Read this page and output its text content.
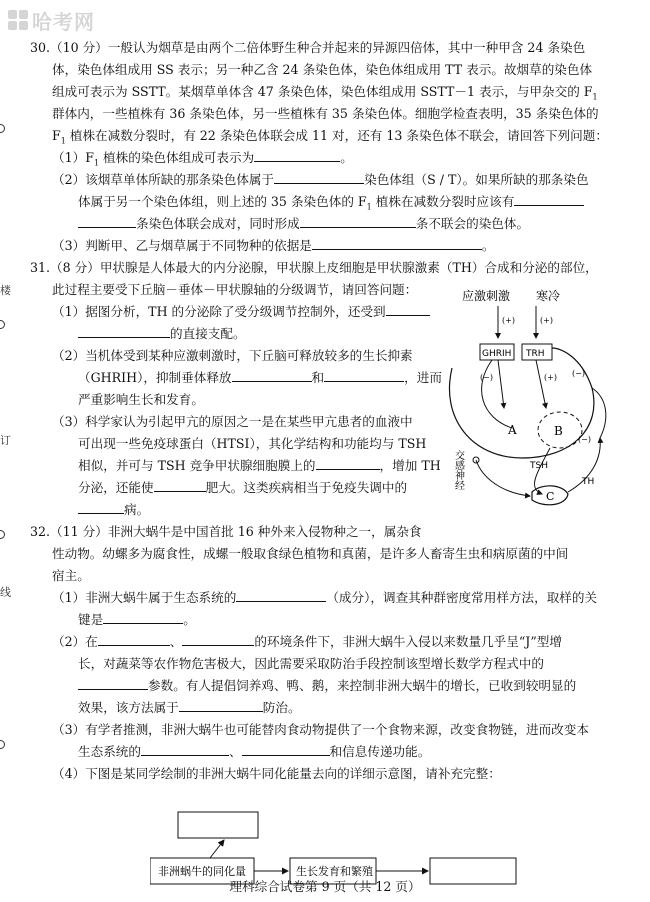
哈考网
楼
订
线
30.（10 分）一般认为烟草是由两个二倍体野生种合并起来的异源四倍体，其中一种甲含 24 条染色
体，染色体组成用 SS 表示；另一种乙含 24 条染色体，染色体组成用 TT 表示。故烟草的染色体
组成可表示为 SSTT。某烟草单体含 47 条染色体，染色体组成用 SSTT－1 表示，与甲杂交的 $F_1$
群体内，一些植株有 36 条染色体，另一些植株有 35 条染色体。细胞学检查表明，35 条染色体的
$F_1$ 植株在减数分裂时，有 22 条染色体联会成 11 对，还有 13 条染色体不联会，请回答下列问题：
$(1)F_1$ 植株的染色体组成可表示为	。
（2）该烟草单体所缺的那条染色体属于	染色体组（S / T）。如果所缺的那条染色
体属于另一个染色体组，则上述的 35 条染色体的 $F_1$ 植株在减数分裂时应该有
条染色体联会成对，同时形成	条不联会的染色体。
（3）判断甲、乙与烟草属于不同物种的依据是	。
31.（8 分）甲状腺是人体最大的内分泌腺，甲状腺上皮细胞是甲状腺激素（TH）合成和分泌的部位，
此过程主要受下丘脑－垂体－甲状腺轴的分级调节，请回答问题：
（1）据图分析，TH 的分泌除了受分级调节控制外，还受到
的直接支配。
（2）当机体受到某种应激刺激时，下丘脑可释放较多的生长抑素
（GHRIH），抑制垂体释放	和	，进而
严重影响生长和发育。
（3）科学家认为引起甲亢的原因之一是在某些甲亢患者的血液中
可出现一些免疫球蛋白（HTSI），其化学结构和功能均与 TSH
相似，并可与 TSH 竞争甲状腺细胞膜上的	，增加 TH
分泌，还能使	肥大。这类疾病相当于免疫失调中的
病。
应激刺激 寒冷
(+)	(+)
GHRIH TRH
(−)	(+) (−)
A	B
(−)
TSH
C
TH
交感神经
32.（11 分）非洲大蜗牛是中国首批 16 种外来入侵物种之一，属杂食
性动物。幼螺多为腐食性，成螺一般取食绿色植物和真菌，是许多人畜寄生虫和病原菌的中间
宿主。
（1）非洲大蜗牛属于生态系统的	（成分），调查其种群密度常用样方法，取样的关
键是	。
（2）在	、	的环境条件下，非洲大蜗牛入侵以来数量几乎呈“J”型增
长，对蔬菜等农作物危害极大，因此需要采取防治手段控制该型增长数学方程式中的
参数。有人提倡饲养鸡、鸭、鹅，来控制非洲大蜗牛的增长，已收到较明显的
效果，该方法属于	防治。
（3）有学者推测，非洲大蜗牛也可能替肉食动物提供了一个食物来源，改变食物链，进而改变本
生态系统的	、	和信息传递功能。
（4）下图是某同学绘制的非洲大蜗牛同化能量去向的详细示意图，请补充完整：
非洲蜗牛的同化量	生长发育和繁殖
理科综合试卷第 9 页（共 12 页）
